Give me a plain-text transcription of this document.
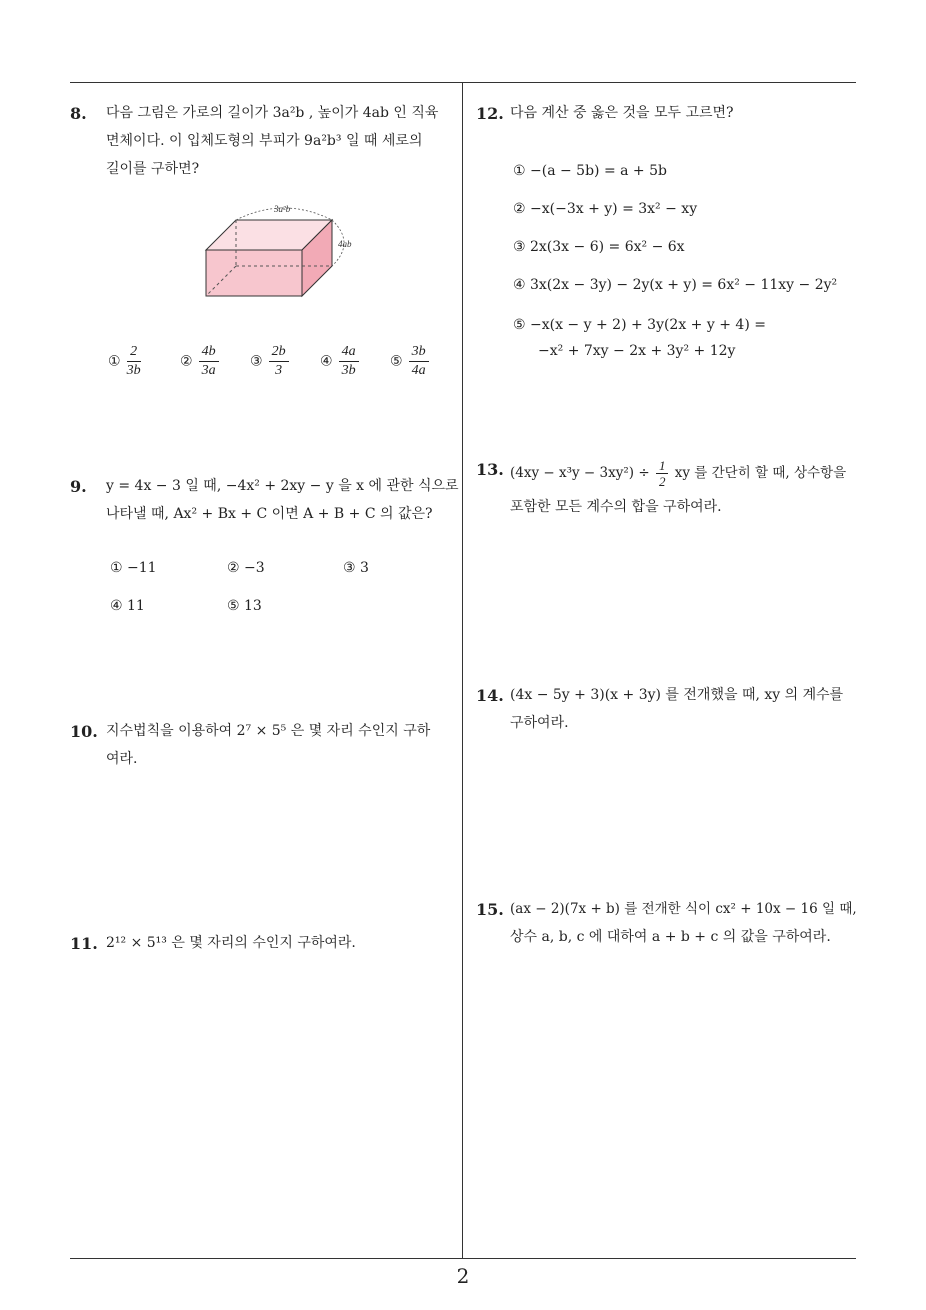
8. 다음 그림은 가로의 길이가 3a²b , 높이가 4ab 인 직육
면체이다. 이 입체도형의 부피가 9a²b³ 일 때 세로의
길이를 구하면?
3a²b
4ab
① $\frac{2}{3b}$	② $\frac{4b}{3a}$ ③ $\frac{2b}{3}$ ④ $\frac{4a}{3b}$ ⑤ $\frac{3b}{4a}$
9. y = 4x − 3 일 때, −4x² + 2xy − y 을 x 에 관한 식으로
나타낼 때, Ax² + Bx + C 이면 A + B + C 의 값은?
① −11	② −3	③ 3
④ 11	⑤ 13
10. 지수법칙을 이용하여 2⁷ × 5⁵ 은 몇 자리 수인지 구하
여라.
11. 2¹² × 5¹³ 은 몇 자리의 수인지 구하여라.
12. 다음 계산 중 옳은 것을 모두 고르면?
① −(a − 5b) = a + 5b
② −x(−3x + y) = 3x² − xy
③ 2x(3x − 6) = 6x² − 6x
④ 3x(2x − 3y) − 2y(x + y) = 6x² − 11xy − 2y²
⑤ −x(x − y + 2) + 3y(2x + y + 4) =
−x² + 7xy − 2x + 3y² + 12y
13. $(4xy - x^3y - 3xy^2) \div \frac{1}{2}$ xy 를 간단히 할 때, 상수항을
포함한 모든 계수의 합을 구하여라.
14. (4x − 5y + 3)(x + 3y) 를 전개했을 때, xy 의 계수를
구하여라.
15. (ax − 2)(7x + b) 를 전개한 식이 cx² + 10x − 16 일 때,
상수 a, b, c 에 대하여 a + b + c 의 값을 구하여라.
2
